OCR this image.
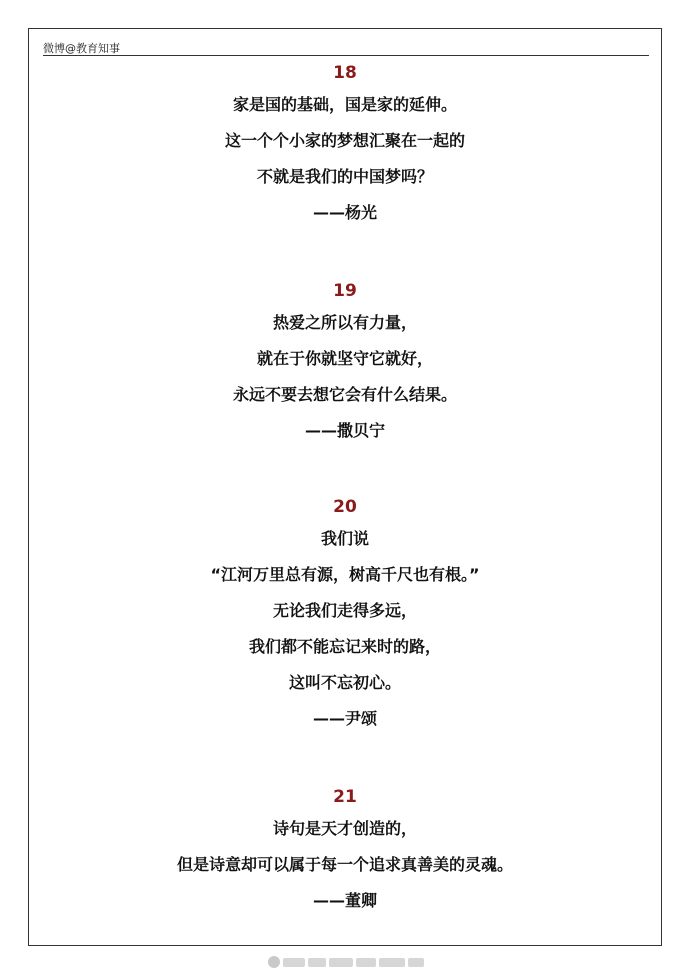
微博@教育知事
18
家是国的基础，国是家的延伸。
这一个个小家的梦想汇聚在一起的
不就是我们的中国梦吗？
——杨光
19
热爱之所以有力量，
就在于你就坚守它就好，
永远不要去想它会有什么结果。
——撒贝宁
20
我们说
“江河万里总有源，树高千尺也有根。”
无论我们走得多远，
我们都不能忘记来时的路，
这叫不忘初心。
——尹颂
21
诗句是天才创造的，
但是诗意却可以属于每一个追求真善美的灵魂。
——董卿
